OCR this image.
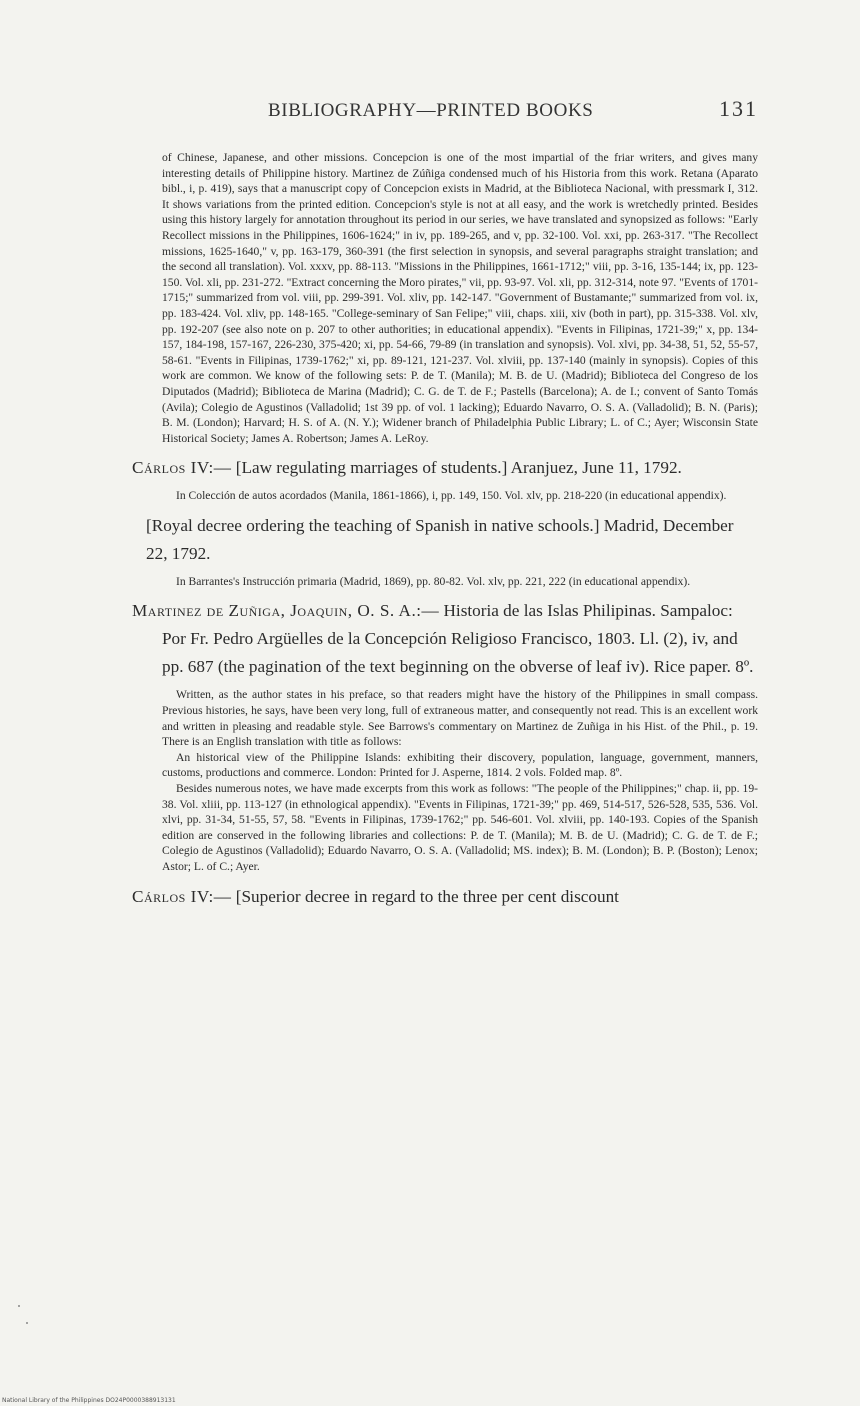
BIBLIOGRAPHY—PRINTED BOOKS	131

of Chinese, Japanese, and other missions. Concepcion is one of the most impartial of the friar writers, and gives many interesting details of Philippine history. Martinez de Zúñiga condensed much of his Historia from this work. Retana (Aparato bibl., i, p. 419), says that a manuscript copy of Concepcion exists in Madrid, at the Biblioteca Nacional, with pressmark I, 312. It shows variations from the printed edition. Concepcion's style is not at all easy, and the work is wretchedly printed. Besides using this history largely for annotation throughout its period in our series, we have translated and synopsized as follows: "Early Recollect missions in the Philippines, 1606-1624;" in iv, pp. 189-265, and v, pp. 32-100. Vol. xxi, pp. 263-317. "The Recollect missions, 1625-1640," v, pp. 163-179, 360-391 (the first selection in synopsis, and several paragraphs straight translation; and the second all translation). Vol. xxxv, pp. 88-113. "Missions in the Philippines, 1661-1712;" viii, pp. 3-16, 135-144; ix, pp. 123-150. Vol. xli, pp. 231-272. "Extract concerning the Moro pirates," vii, pp. 93-97. Vol. xli, pp. 312-314, note 97. "Events of 1701-1715;" summarized from vol. viii, pp. 299-391. Vol. xliv, pp. 142-147. "Government of Bustamante;" summarized from vol. ix, pp. 183-424. Vol. xliv, pp. 148-165. "College-seminary of San Felipe;" viii, chaps. xiii, xiv (both in part), pp. 315-338. Vol. xlv, pp. 192-207 (see also note on p. 207 to other authorities; in educational appendix). "Events in Filipinas, 1721-39;" x, pp. 134-157, 184-198, 157-167, 226-230, 375-420; xi, pp. 54-66, 79-89 (in translation and synopsis). Vol. xlvi, pp. 34-38, 51, 52, 55-57, 58-61. "Events in Filipinas, 1739-1762;" xi, pp. 89-121, 121-237. Vol. xlviii, pp. 137-140 (mainly in synopsis). Copies of this work are common. We know of the following sets: P. de T. (Manila); M. B. de U. (Madrid); Biblioteca del Congreso de los Diputados (Madrid); Biblioteca de Marina (Madrid); C. G. de T. de F.; Pastells (Barcelona); A. de I.; convent of Santo Tomás (Avila); Colegio de Agustinos (Valladolid; 1st 39 pp. of vol. 1 lacking); Eduardo Navarro, O. S. A. (Valladolid); B. N. (Paris); B. M. (London); Harvard; H. S. of A. (N. Y.); Widener branch of Philadelphia Public Library; L. of C.; Ayer; Wisconsin State Historical Society; James A. Robertson; James A. LeRoy.

Cárlos IV:— [Law regulating marriages of students.] Aranjuez, June 11, 1792.

In Colección de autos acordados (Manila, 1861-1866), i, pp. 149, 150. Vol. xlv, pp. 218-220 (in educational appendix).

[Royal decree ordering the teaching of Spanish in native schools.] Madrid, December 22, 1792.

In Barrantes's Instrucción primaria (Madrid, 1869), pp. 80-82. Vol. xlv, pp. 221, 222 (in educational appendix).

Martinez de Zuñiga, Joaquin, O. S. A.:— Historia de las Islas Philipinas. Sampaloc: Por Fr. Pedro Argüelles de la Concepción Religioso Francisco, 1803. Ll. (2), iv, and pp. 687 (the pagination of the text beginning on the obverse of leaf iv). Rice paper. 8º.

Written, as the author states in his preface, so that readers might have the history of the Philippines in small compass. Previous histories, he says, have been very long, full of extraneous matter, and consequently not read. This is an excellent work and written in pleasing and readable style. See Barrows's commentary on Martinez de Zuñiga in his Hist. of the Phil., p. 19. There is an English translation with title as follows:

An historical view of the Philippine Islands: exhibiting their discovery, population, language, government, manners, customs, productions and commerce. London: Printed for J. Asperne, 1814. 2 vols. Folded map. 8º.

Besides numerous notes, we have made excerpts from this work as follows: "The people of the Philippines;" chap. ii, pp. 19-38. Vol. xliii, pp. 113-127 (in ethnological appendix). "Events in Filipinas, 1721-39;" pp. 469, 514-517, 526-528, 535, 536. Vol. xlvi, pp. 31-34, 51-55, 57, 58. "Events in Filipinas, 1739-1762;" pp. 546-601. Vol. xlviii, pp. 140-193. Copies of the Spanish edition are conserved in the following libraries and collections: P. de T. (Manila); M. B. de U. (Madrid); C. G. de T. de F.; Colegio de Agustinos (Valladolid); Eduardo Navarro, O. S. A. (Valladolid; MS. index); B. M. (London); B. P. (Boston); Lenox; Astor; L. of C.; Ayer.

Cárlos IV:— [Superior decree in regard to the three per cent discount

National Library of the Philippines DO24P0000388913131
